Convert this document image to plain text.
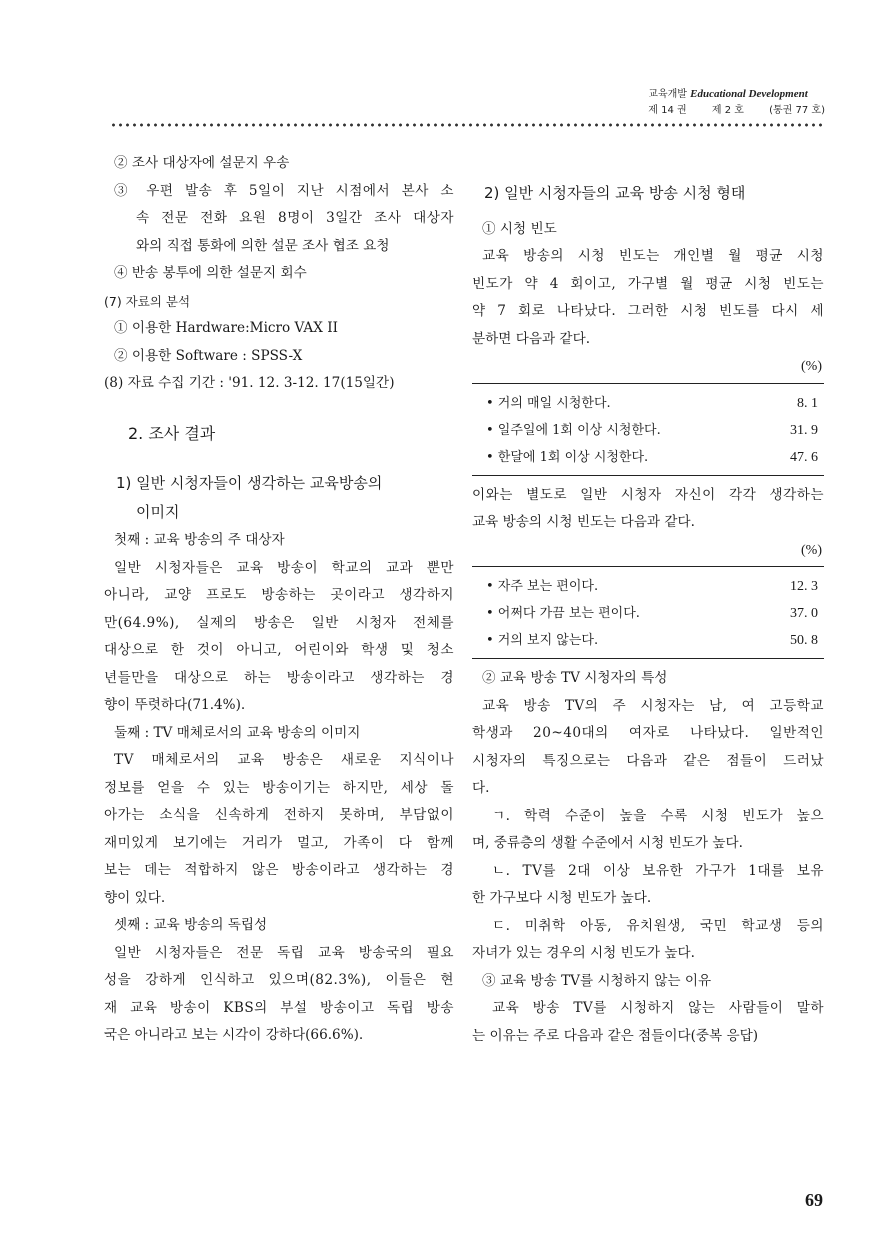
교육개발 Educational Development
제 14 권	제 2 호	(통권 77 호)

② 조사 대상자에 설문지 우송

③ 우편 발송 후 5일이 지난 시점에서 본사 소

속 전문 전화 요원 8명이 3일간 조사 대상자

와의 직접 통화에 의한 설문 조사 협조 요청

④ 반송 봉투에 의한 설문지 회수

(7) 자료의 분석

① 이용한 Hardware:Micro VAX II

② 이용한 Software : SPSS-X

(8) 자료 수집 기간 : '91. 12. 3-12. 17(15일간)

2. 조사 결과

1) 일반 시청자들이 생각하는 교육방송의

이미지

첫째 : 교육 방송의 주 대상자

일반 시청자들은 교육 방송이 학교의 교과 뿐만

아니라, 교양 프로도 방송하는 곳이라고 생각하지

만(64.9%), 실제의 방송은 일반 시청자 전체를

대상으로 한 것이 아니고, 어린이와 학생 및 청소

년들만을 대상으로 하는 방송이라고 생각하는 경

향이 뚜렷하다(71.4%).

둘째 : TV 매체로서의 교육 방송의 이미지

TV 매체로서의 교육 방송은 새로운 지식이나

정보를 얻을 수 있는 방송이기는 하지만, 세상 돌

아가는 소식을 신속하게 전하지 못하며, 부담없이

재미있게 보기에는 거리가 멀고, 가족이 다 함께

보는 데는 적합하지 않은 방송이라고 생각하는 경

향이 있다.

셋째 : 교육 방송의 독립성

일반 시청자들은 전문 독립 교육 방송국의 필요

성을 강하게 인식하고 있으며(82.3%), 이들은 현

재 교육 방송이 KBS의 부설 방송이고 독립 방송

국은 아니라고 보는 시각이 강하다(66.6%).

2) 일반 시청자들의 교육 방송 시청 형태

① 시청 빈도

교육 방송의 시청 빈도는 개인별 월 평균 시청

빈도가 약 4 회이고, 가구별 월 평균 시청 빈도는

약 7 회로 나타났다. 그러한 시청 빈도를 다시 세

분하면 다음과 같다.

(%)

• 거의 매일 시청한다.	8. 1
• 일주일에 1회 이상 시청한다.	31. 9
• 한달에 1회 이상 시청한다.	47. 6

이와는 별도로 일반 시청자 자신이 각각 생각하는

교육 방송의 시청 빈도는 다음과 같다.

(%)

• 자주 보는 편이다.	12. 3
• 어쩌다 가끔 보는 편이다.	37. 0
• 거의 보지 않는다.	50. 8

② 교육 방송 TV 시청자의 특성

교육 방송 TV의 주 시청자는 남, 여 고등학교

학생과 20~40대의 여자로 나타났다. 일반적인

시청자의 특징으로는 다음과 같은 점들이 드러났

다.

ㄱ. 학력 수준이 높을 수록 시청 빈도가 높으

며, 중류층의 생활 수준에서 시청 빈도가 높다.

ㄴ. TV를 2대 이상 보유한 가구가 1대를 보유

한 가구보다 시청 빈도가 높다.

ㄷ. 미취학 아동, 유치원생, 국민 학교생 등의

자녀가 있는 경우의 시청 빈도가 높다.

③ 교육 방송 TV를 시청하지 않는 이유

교육 방송 TV를 시청하지 않는 사람들이 말하

는 이유는 주로 다음과 같은 점들이다(중복 응답)

69
